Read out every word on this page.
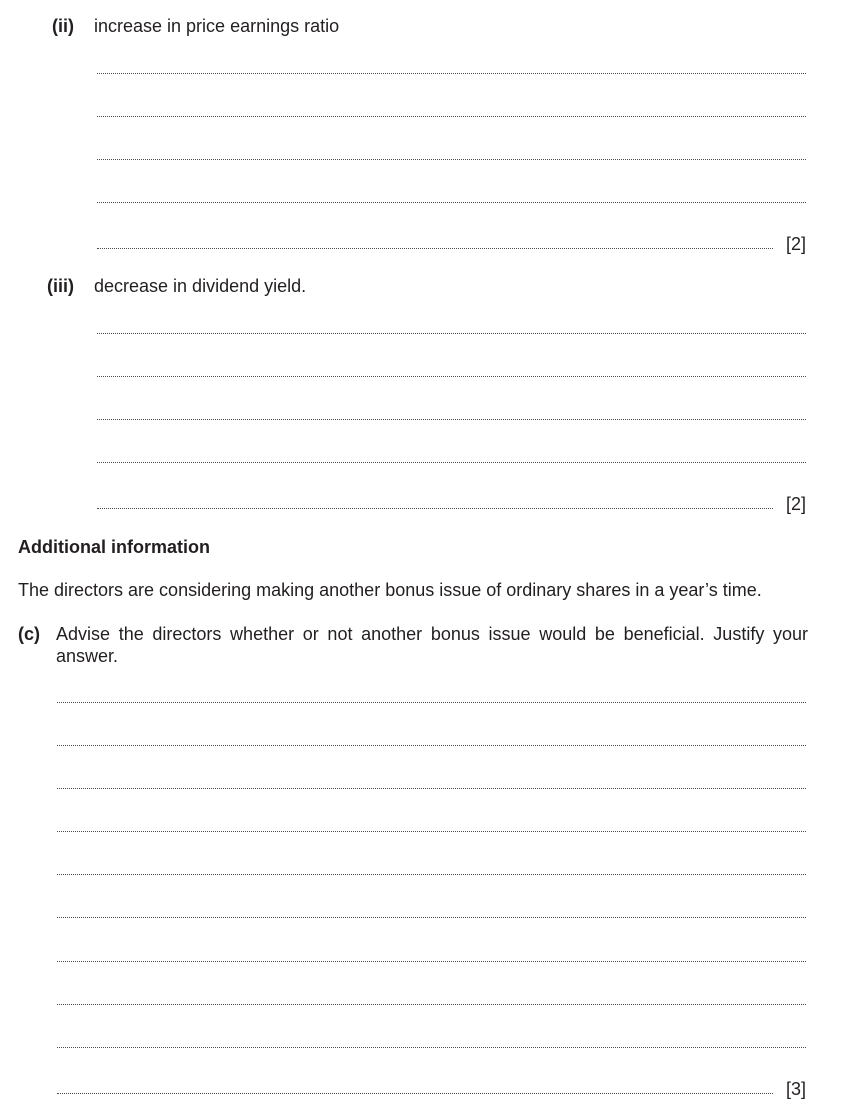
(ii) increase in price earnings ratio
[2]
(iii) decrease in dividend yield.
[2]
Additional information
The directors are considering making another bonus issue of ordinary shares in a year’s time.
(c) Advise the directors whether or not another bonus issue would be beneficial. Justify your answer.
[3]
